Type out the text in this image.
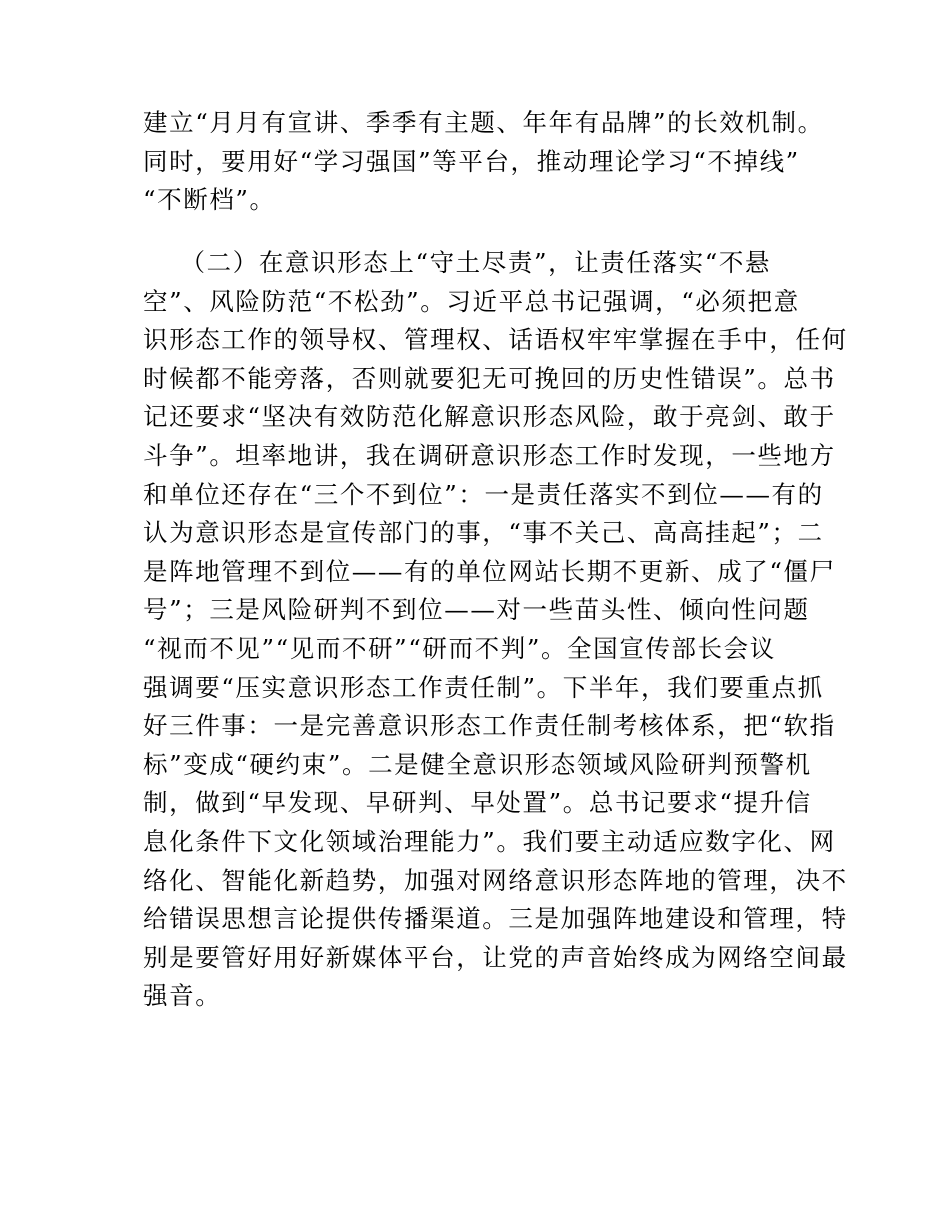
建立“月月有宣讲、季季有主题、年年有品牌”的长效机制。
同时，要用好“学习强国”等平台，推动理论学习“不掉线”
“不断档”。
（二）在意识形态上“守土尽责”，让责任落实“不悬
空”、风险防范“不松劲”。习近平总书记强调，“必须把意
识形态工作的领导权、管理权、话语权牢牢掌握在手中，任何
时候都不能旁落，否则就要犯无可挽回的历史性错误”。总书
记还要求“坚决有效防范化解意识形态风险，敢于亮剑、敢于
斗争”。坦率地讲，我在调研意识形态工作时发现，一些地方
和单位还存在“三个不到位”：一是责任落实不到位——有的
认为意识形态是宣传部门的事，“事不关己、高高挂起”；二
是阵地管理不到位——有的单位网站长期不更新、成了“僵尸
号”；三是风险研判不到位——对一些苗头性、倾向性问题
“视而不见”“见而不研”“研而不判”。全国宣传部长会议
强调要“压实意识形态工作责任制”。下半年，我们要重点抓
好三件事：一是完善意识形态工作责任制考核体系，把“软指
标”变成“硬约束”。二是健全意识形态领域风险研判预警机
制，做到“早发现、早研判、早处置”。总书记要求“提升信
息化条件下文化领域治理能力”。我们要主动适应数字化、网
络化、智能化新趋势，加强对网络意识形态阵地的管理，决不
给错误思想言论提供传播渠道。三是加强阵地建设和管理，特
别是要管好用好新媒体平台，让党的声音始终成为网络空间最
强音。
